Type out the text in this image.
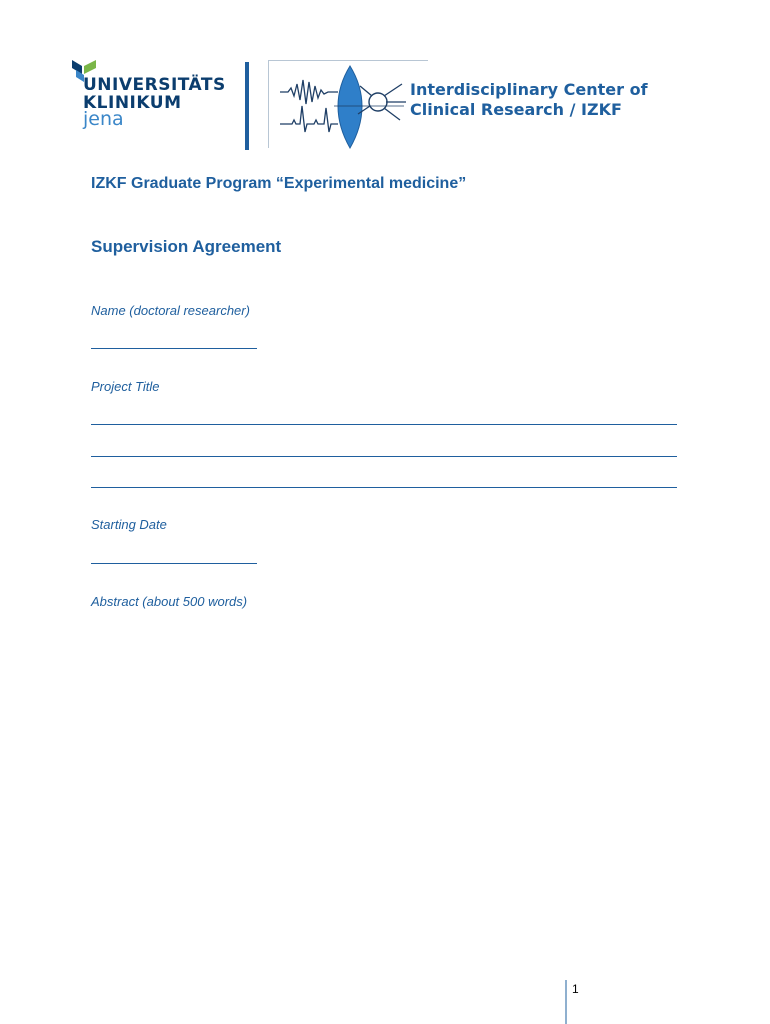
UNIVERSITÄTS
KLINIKUM
jena
Interdisciplinary Center of
Clinical Research / IZKF
IZKF Graduate Program “Experimental medicine”
Supervision Agreement
Name (doctoral researcher)
Project Title
Starting Date
Abstract (about 500 words)
1
